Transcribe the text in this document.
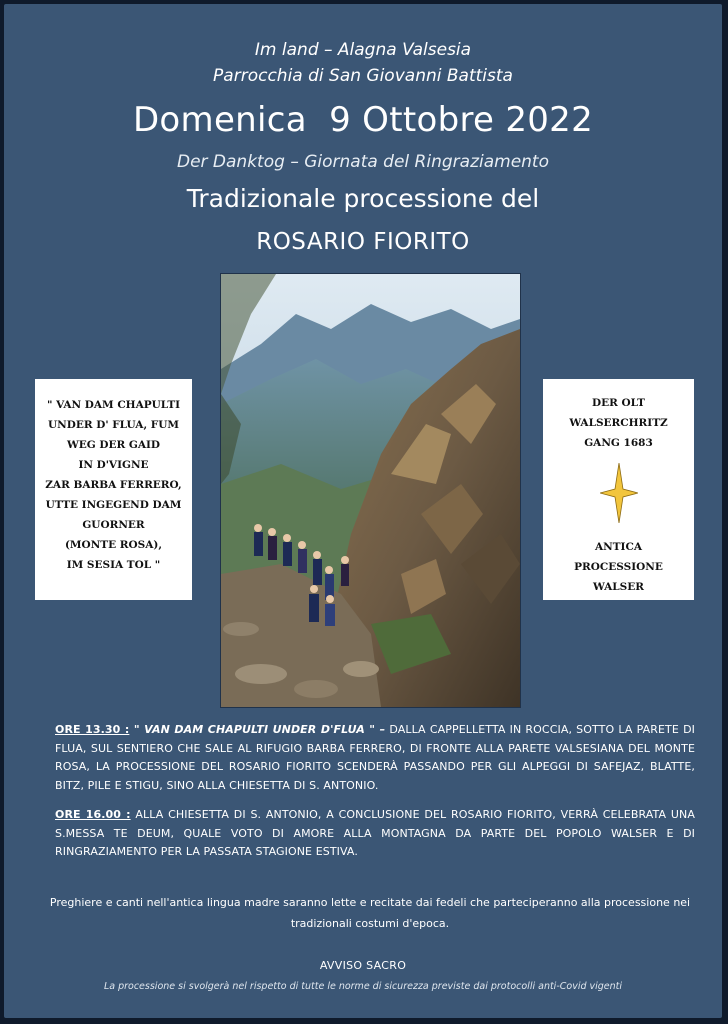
Im land – Alagna Valsesia
Parrocchia di San Giovanni Battista
Domenica  9 Ottobre 2022
Der Danktog – Giornata del Ringraziamento
Tradizionale processione del
ROSARIO FIORITO
" VAN DAM CHAPULTI
UNDER D' FLUA, FUM
WEG DER GAID
IN D'VIGNE
ZAR BARBA FERRERO,
UTTE INGEGEND DAM
GUORNER
(MONTE ROSA),
IM SESIA TOL "
DER OLT
WALSERCHRITZ
GANG 1683
ANTICA
PROCESSIONE
WALSER
ORE 13.30 : " VAN DAM CHAPULTI UNDER D'FLUA " – DALLA CAPPELLETTA IN ROCCIA, SOTTO LA PARETE DI FLUA, SUL SENTIERO CHE SALE AL RIFUGIO BARBA FERRERO, DI FRONTE ALLA PARETE VALSESIANA DEL MONTE ROSA, LA PROCESSIONE DEL ROSARIO FIORITO SCENDERÀ PASSANDO PER GLI ALPEGGI DI SAFEJAZ, BLATTE, BITZ, PILE E STIGU, SINO ALLA CHIESETTA DI S. ANTONIO.
ORE 16.00 : ALLA CHIESETTA DI S. ANTONIO, A CONCLUSIONE DEL ROSARIO FIORITO, VERRÀ CELEBRATA UNA S.MESSA TE DEUM, QUALE VOTO DI AMORE ALLA MONTAGNA DA PARTE DEL POPOLO WALSER E DI RINGRAZIAMENTO PER LA PASSATA STAGIONE ESTIVA.
Preghiere e canti nell'antica lingua madre saranno lette e recitate dai fedeli che parteciperanno alla processione nei tradizionali costumi d'epoca.
AVVISO SACRO
La processione si svolgerà nel rispetto di tutte le norme di sicurezza previste dai protocolli anti-Covid vigenti
